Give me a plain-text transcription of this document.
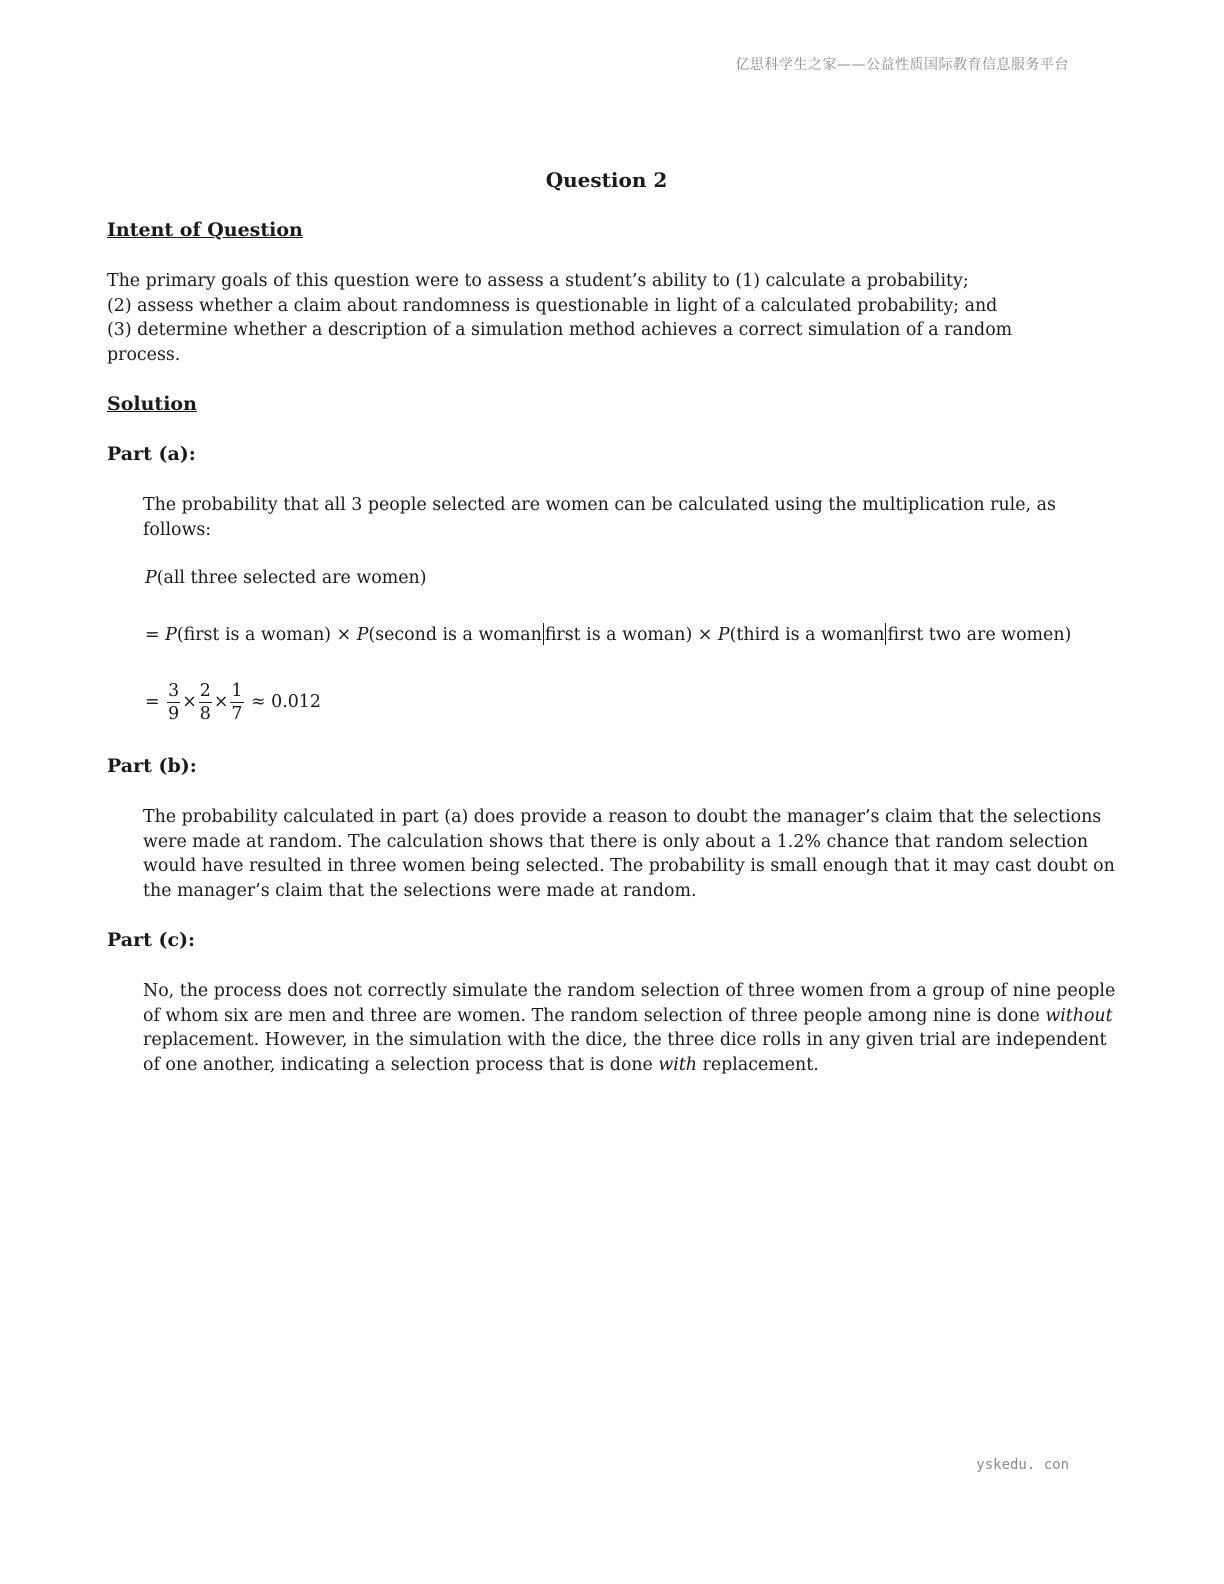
亿思科学生之家——公益性质国际教育信息服务平台
Question 2
Intent of Question
The primary goals of this question were to assess a student’s ability to (1) calculate a probability;
(2) assess whether a claim about randomness is questionable in light of a calculated probability; and
(3) determine whether a description of a simulation method achieves a correct simulation of a random
process.
Solution
Part (a):
The probability that all 3 people selected are women can be calculated using the multiplication rule, as follows:
P(all three selected are women)
= P(first is a woman) × P(second is a woman first is a woman) × P(third is a woman first two are women)
= $\frac{3}{9} \times \frac{2}{8} \times \frac{1}{7} \approx 0.012$
Part (b):
The probability calculated in part (a) does provide a reason to doubt the manager’s claim that the selections were made at random. The calculation shows that there is only about a 1.2% chance that random selection would have resulted in three women being selected. The probability is small enough that it may cast doubt on the manager’s claim that the selections were made at random.
Part (c):
No, the process does not correctly simulate the random selection of three women from a group of nine people of whom six are men and three are women. The random selection of three people among nine is done without replacement. However, in the simulation with the dice, the three dice rolls in any given trial are independent of one another, indicating a selection process that is done with replacement.
yskedu. con
